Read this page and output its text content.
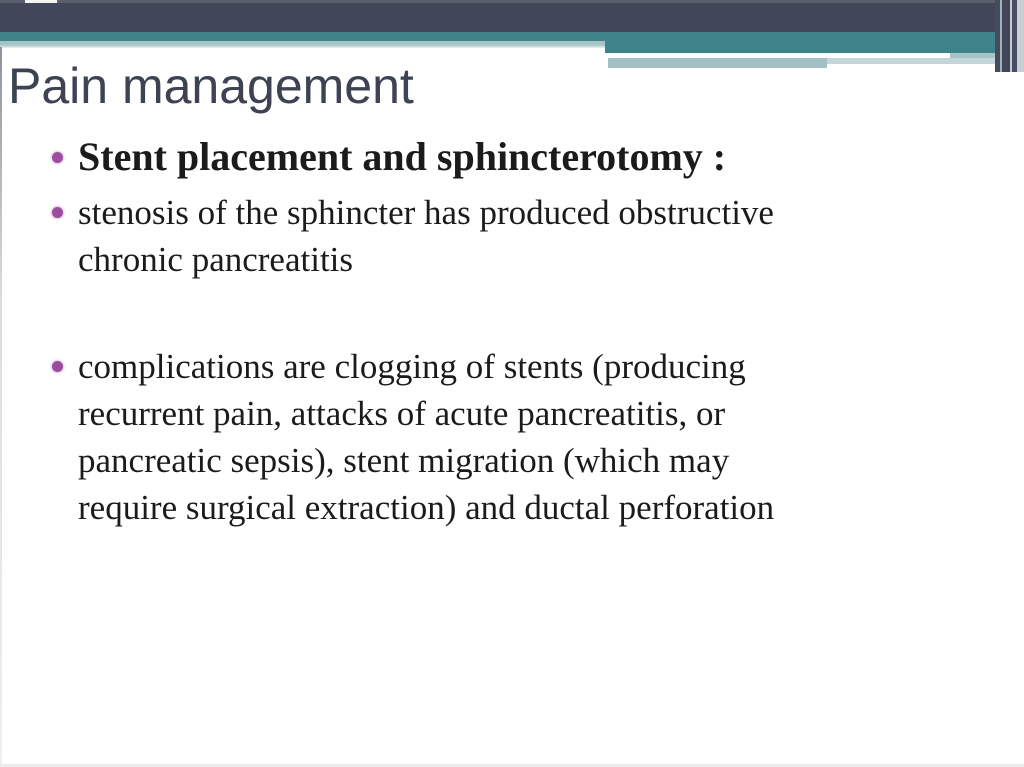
Pain management
Stent placement and sphincterotomy :
stenosis of the sphincter has produced obstructive
chronic pancreatitis
complications are clogging of stents (producing
recurrent pain, attacks of acute pancreatitis, or
pancreatic sepsis), stent migration (which may
require surgical extraction) and ductal perforation
